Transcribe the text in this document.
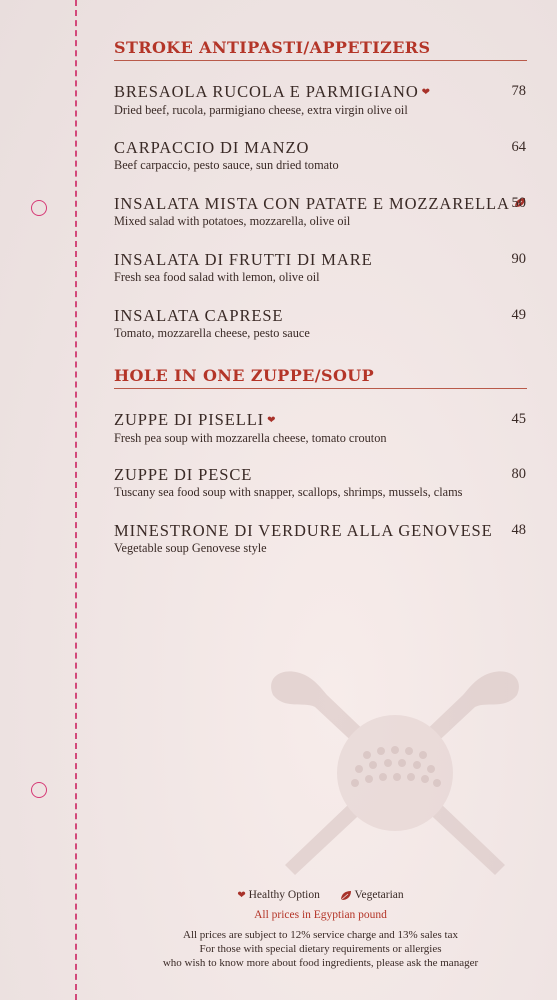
STROKE ANTIPASTI/APPETIZERS
BRESAOLA RUCOLA E PARMIGIANO ❤
Dried beef, rucola, parmigiano cheese, extra virgin olive oil
78
CARPACCIO DI MANZO
Beef carpaccio, pesto sauce, sun dried tomato
64
INSALATA MISTA CON PATATE E MOZZARELLA
Mixed salad with potatoes, mozzarella, olive oil
50
INSALATA DI FRUTTI DI MARE
Fresh sea food salad with lemon, olive oil
90
INSALATA CAPRESE
Tomato, mozzarella cheese, pesto sauce
49
HOLE IN ONE ZUPPE/SOUP
ZUPPE DI PISELLI ❤
Fresh pea soup with mozzarella cheese, tomato crouton
45
ZUPPE DI PESCE
Tuscany sea food soup with snapper, scallops, shrimps, mussels, clams
80
MINESTRONE DI VERDURE ALLA GENOVESE
Vegetable soup Genovese style
48
❤ Healthy Option	Vegetarian
All prices in Egyptian pound
All prices are subject to 12% service charge and 13% sales tax
For those with special dietary requirements or allergies
who wish to know more about food ingredients, please ask the manager
